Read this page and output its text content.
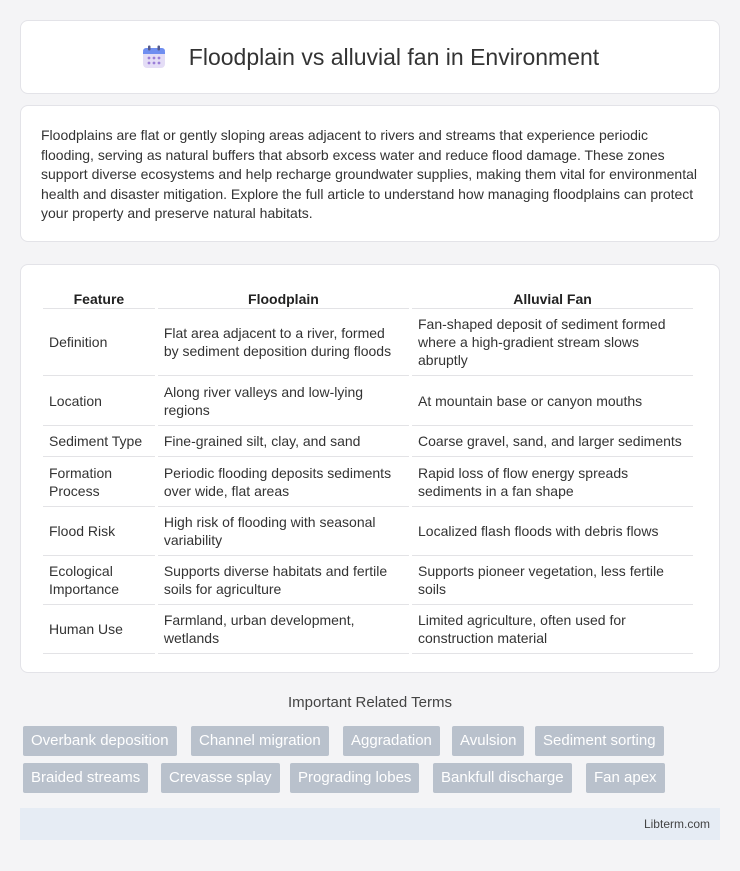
Floodplain vs alluvial fan in Environment

Floodplains are flat or gently sloping areas adjacent to rivers and streams that experience periodic flooding, serving as natural buffers that absorb excess water and reduce flood damage. These zones support diverse ecosystems and help recharge groundwater supplies, making them vital for environmental health and disaster mitigation. Explore the full article to understand how managing floodplains can protect your property and preserve natural habitats.

Feature	Floodplain	Alluvial Fan
Definition	Flat area adjacent to a river, formed by sediment deposition during floods	Fan-shaped deposit of sediment formed where a high-gradient stream slows abruptly
Location	Along river valleys and low-lying regions	At mountain base or canyon mouths
Sediment Type	Fine-grained silt, clay, and sand	Coarse gravel, sand, and larger sediments
Formation Process	Periodic flooding deposits sediments over wide, flat areas	Rapid loss of flow energy spreads sediments in a fan shape
Flood Risk	High risk of flooding with seasonal variability	Localized flash floods with debris flows
Ecological Importance	Supports diverse habitats and fertile soils for agriculture	Supports pioneer vegetation, less fertile soils
Human Use	Farmland, urban development, wetlands	Limited agriculture, often used for construction material
Important Related Terms
Overbank deposition	Channel migration	Aggradation	Avulsion	Sediment sorting
Braided streams	Crevasse splay	Prograding lobes	Bankfull discharge	Fan apex
Libterm.com
